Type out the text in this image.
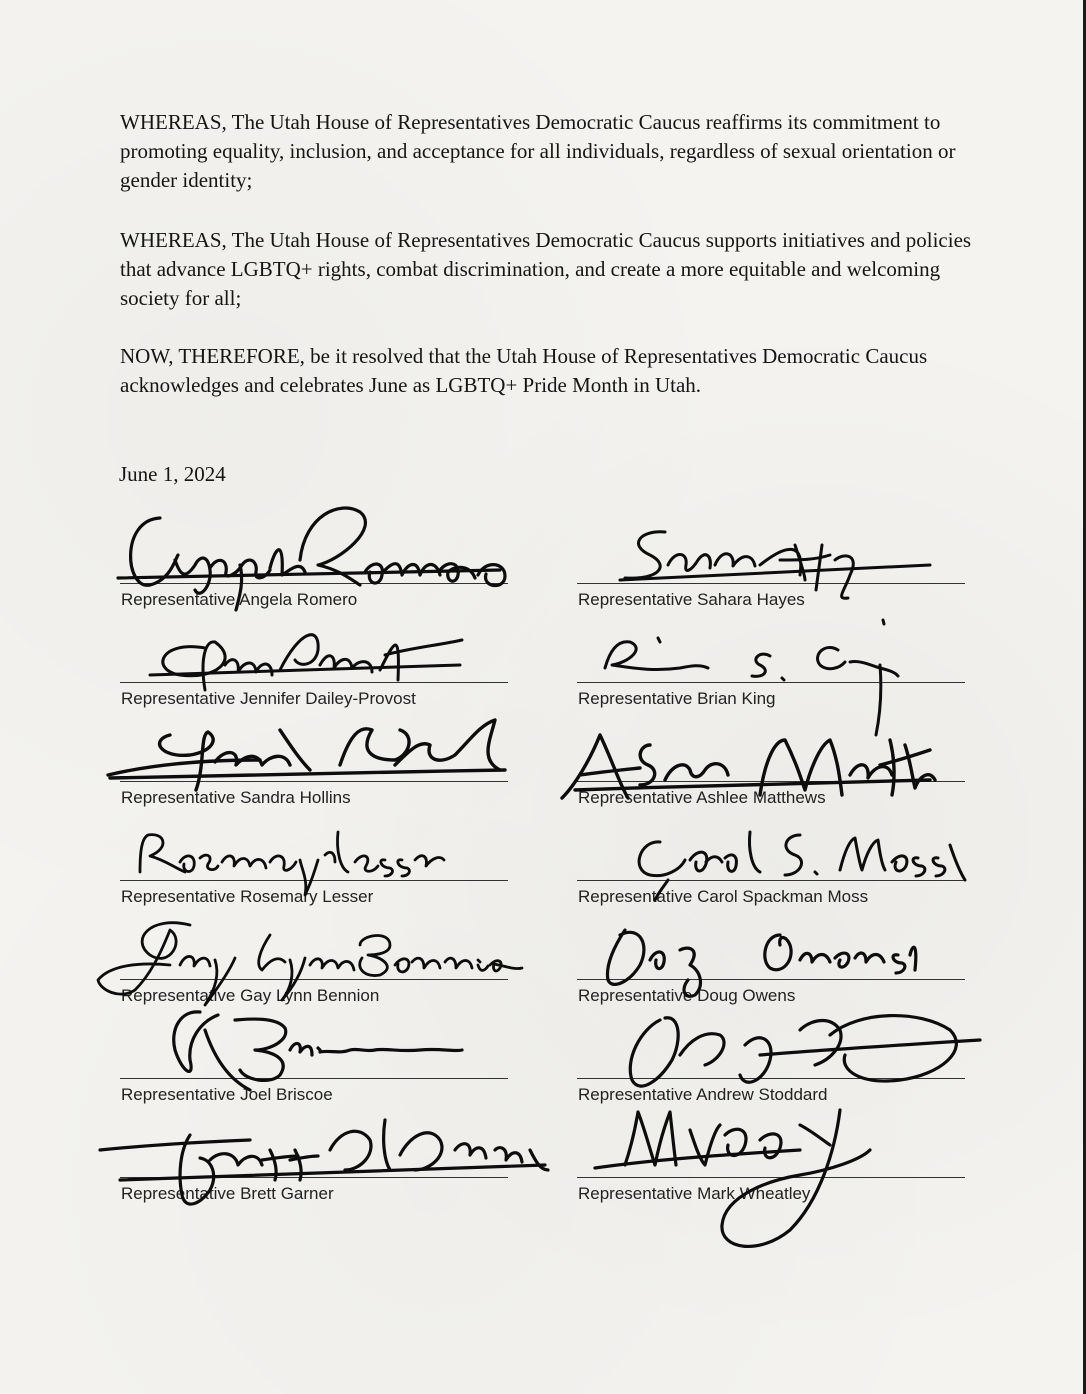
WHEREAS, The Utah House of Representatives Democratic Caucus reaffirms its commitment to promoting equality, inclusion, and acceptance for all individuals, regardless of sexual orientation or gender identity;

WHEREAS, The Utah House of Representatives Democratic Caucus supports initiatives and policies that advance LGBTQ+ rights, combat discrimination, and create a more equitable and welcoming society for all;

NOW, THEREFORE, be it resolved that the Utah House of Representatives Democratic Caucus acknowledges and celebrates June as LGBTQ+ Pride Month in Utah.

June 1, 2024
Representative Angela Romero
Representative Jennifer Dailey-Provost
Representative Sandra Hollins
Representative Rosemary Lesser
Representative Gay Lynn Bennion
Representative Joel Briscoe
Representative Brett Garner
Representative Sahara Hayes
Representative Brian King
Representative Ashlee Matthews
Representative Carol Spackman Moss
Representative Doug Owens
Representative Andrew Stoddard
Representative Mark Wheatley
